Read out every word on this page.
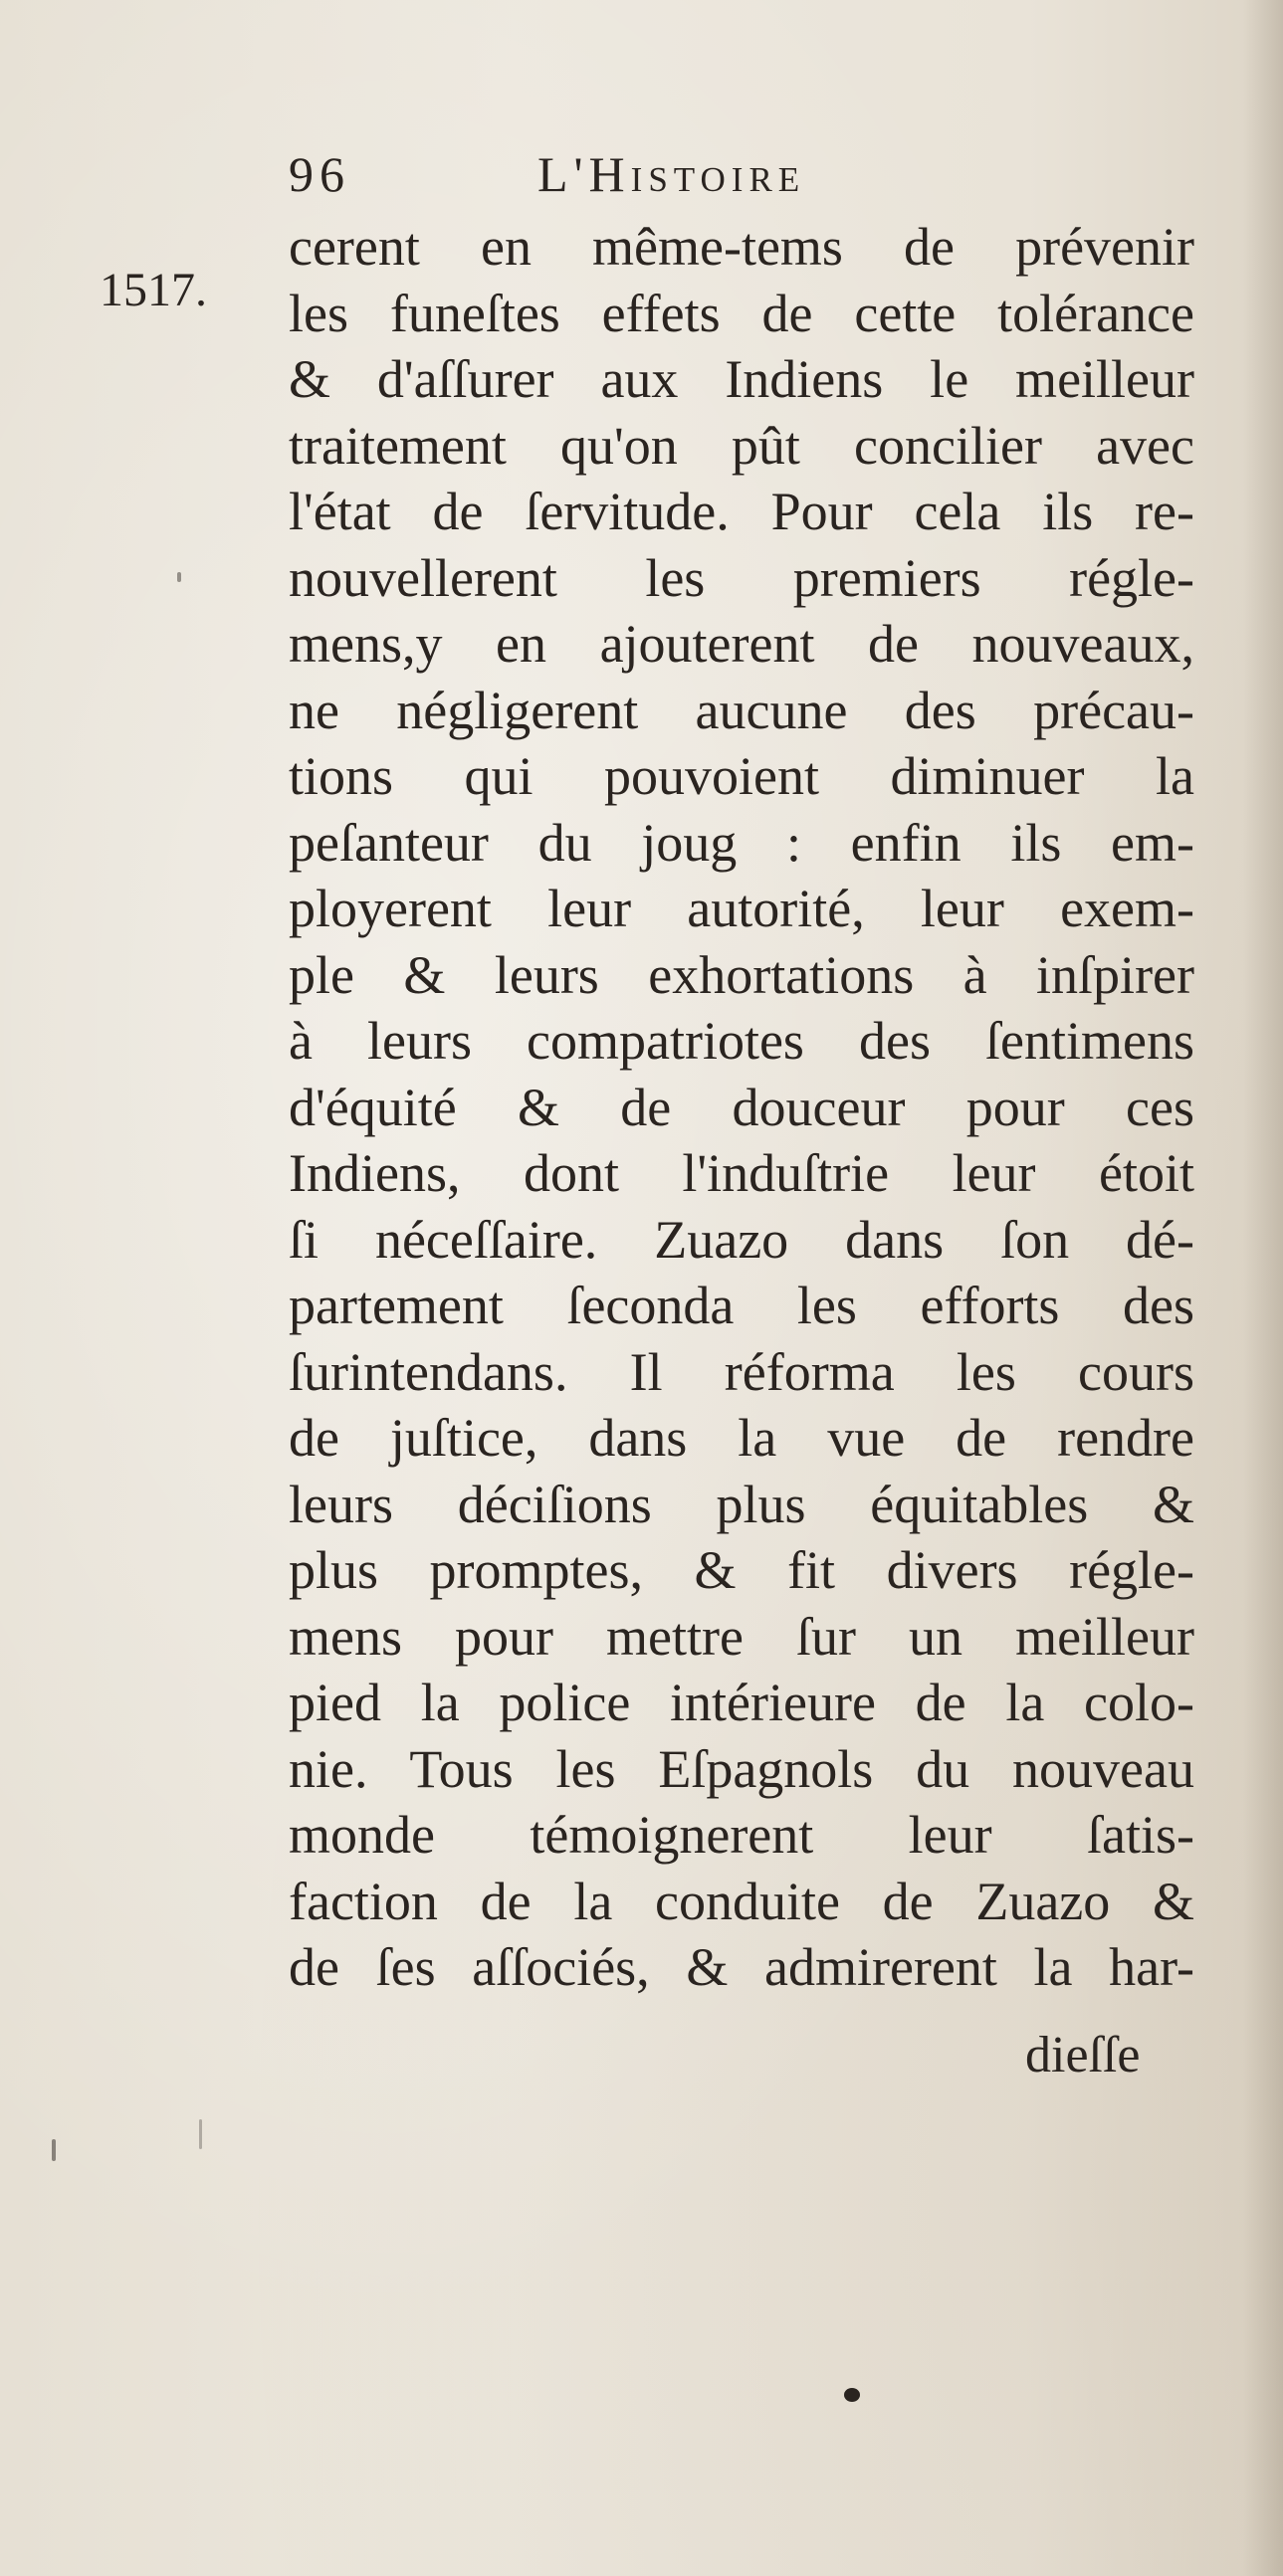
96	L'Histoire
1517.
cerent en même-tems de prévenir
les funeſtes effets de cette tolérance
& d'aſſurer aux Indiens le meilleur
traitement qu'on pût concilier avec
l'état de ſervitude. Pour cela ils re-
nouvellerent les premiers régle-
mens,y en ajouterent de nouveaux,
ne négligerent aucune des précau-
tions qui pouvoient diminuer la
peſanteur du joug : enfin ils em-
ployerent leur autorité, leur exem-
ple & leurs exhortations à inſpirer
à leurs compatriotes des ſentimens
d'équité & de douceur pour ces
Indiens, dont l'induſtrie leur étoit
ſi néceſſaire. Zuazo dans ſon dé-
partement ſeconda les efforts des
ſurintendans. Il réforma les cours
de juſtice, dans la vue de rendre
leurs déciſions plus équitables &
plus promptes, & fit divers régle-
mens pour mettre ſur un meilleur
pied la police intérieure de la colo-
nie. Tous les Eſpagnols du nouveau
monde témoignerent leur ſatis-
faction de la conduite de Zuazo &
de ſes aſſociés, & admirerent la har-
dieſſe
